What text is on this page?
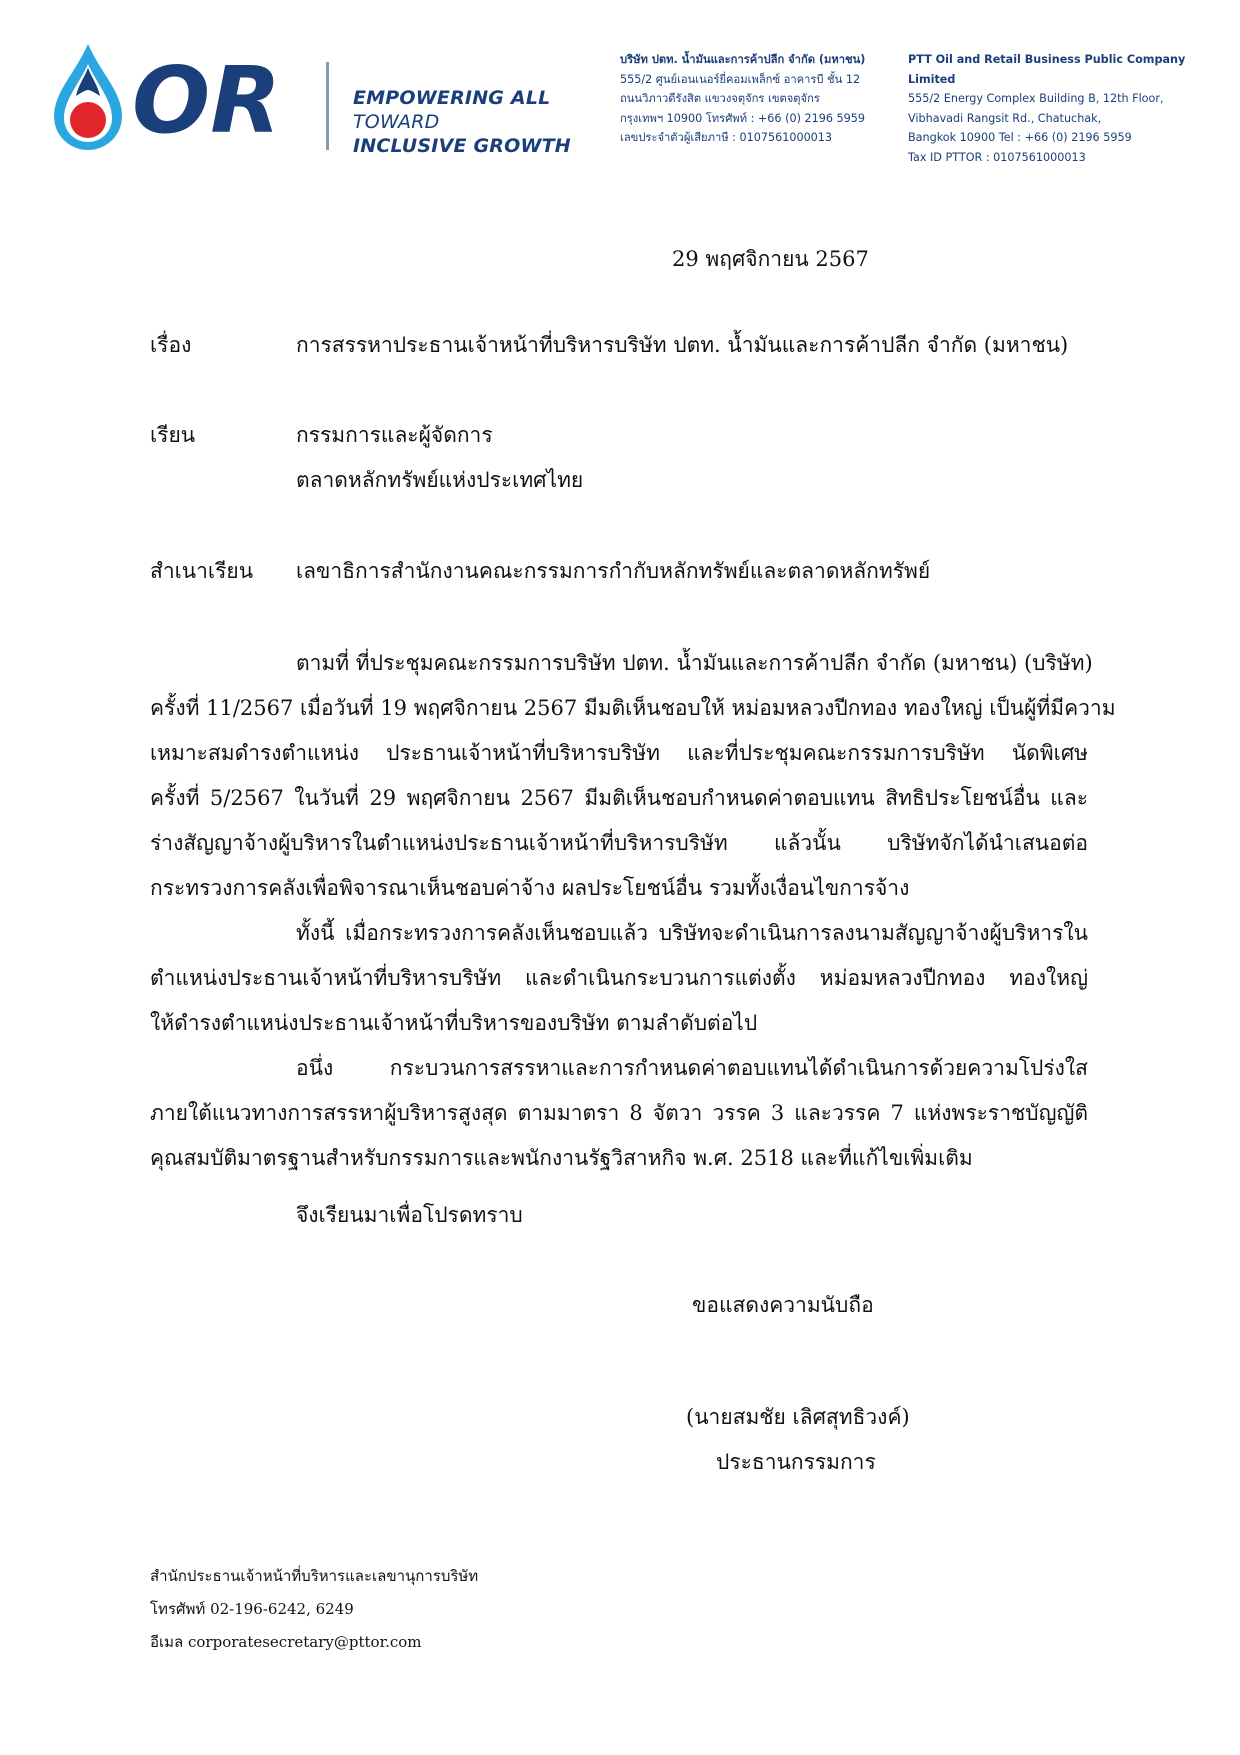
OR	EMPOWERING ALL TOWARD
INCLUSIVE GROWTH
บริษัท ปตท. น้ำมันและการค้าปลีก จำกัด (มหาชน)
555/2 ศูนย์เอนเนอร์ยี่คอมเพล็กซ์ อาคารบี ชั้น 12
ถนนวิภาวดีรังสิต แขวงจตุจักร เขตจตุจักร
กรุงเทพฯ 10900 โทรศัพท์ : +66 (0) 2196 5959
เลขประจำตัวผู้เสียภาษี : 0107561000013
PTT Oil and Retail Business Public Company Limited
555/2 Energy Complex Building B, 12th Floor,
Vibhavadi Rangsit Rd., Chatuchak,
Bangkok 10900 Tel : +66 (0) 2196 5959
Tax ID PTTOR : 0107561000013
29 พฤศจิกายน 2567
เรื่อง	การสรรหาประธานเจ้าหน้าที่บริหารบริษัท ปตท. น้ำมันและการค้าปลีก จำกัด (มหาชน)
เรียน	กรรมการและผู้จัดการ
ตลาดหลักทรัพย์แห่งประเทศไทย
สำเนาเรียน เลขาธิการสำนักงานคณะกรรมการกำกับหลักทรัพย์และตลาดหลักทรัพย์
ตามที่ ที่ประชุมคณะกรรมการบริษัท ปตท. น้ำมันและการค้าปลีก จำกัด (มหาชน) (บริษัท)
ครั้งที่ 11/2567 เมื่อวันที่ 19 พฤศจิกายน 2567 มีมติเห็นชอบให้ หม่อมหลวงปีกทอง ทองใหญ่ เป็นผู้ที่มีความ
เหมาะสมดำรงตำแหน่ง ประธานเจ้าหน้าที่บริหารบริษัท และที่ประชุมคณะกรรมการบริษัท นัดพิเศษ
ครั้งที่ 5/2567 ในวันที่ 29 พฤศจิกายน 2567 มีมติเห็นชอบกำหนดค่าตอบแทน สิทธิประโยชน์อื่น และ
ร่างสัญญาจ้างผู้บริหารในตำแหน่งประธานเจ้าหน้าที่บริหารบริษัท แล้วนั้น บริษัทจักได้นำเสนอต่อ
กระทรวงการคลังเพื่อพิจารณาเห็นชอบค่าจ้าง ผลประโยชน์อื่น รวมทั้งเงื่อนไขการจ้าง
ทั้งนี้ เมื่อกระทรวงการคลังเห็นชอบแล้ว บริษัทจะดำเนินการลงนามสัญญาจ้างผู้บริหารใน
ตำแหน่งประธานเจ้าหน้าที่บริหารบริษัท และดำเนินกระบวนการแต่งตั้ง หม่อมหลวงปีกทอง ทองใหญ่
ให้ดำรงตำแหน่งประธานเจ้าหน้าที่บริหารของบริษัท ตามลำดับต่อไป
อนึ่ง กระบวนการสรรหาและการกำหนดค่าตอบแทนได้ดำเนินการด้วยความโปร่งใส
ภายใต้แนวทางการสรรหาผู้บริหารสูงสุด ตามมาตรา 8 จัตวา วรรค 3 และวรรค 7 แห่งพระราชบัญญัติ
คุณสมบัติมาตรฐานสำหรับกรรมการและพนักงานรัฐวิสาหกิจ พ.ศ. 2518 และที่แก้ไขเพิ่มเติม
จึงเรียนมาเพื่อโปรดทราบ
ขอแสดงความนับถือ
(นายสมชัย เลิศสุทธิวงค์)
ประธานกรรมการ
สำนักประธานเจ้าหน้าที่บริหารและเลขานุการบริษัท
โทรศัพท์ 02-196-6242, 6249
อีเมล corporatesecretary@pttor.com
